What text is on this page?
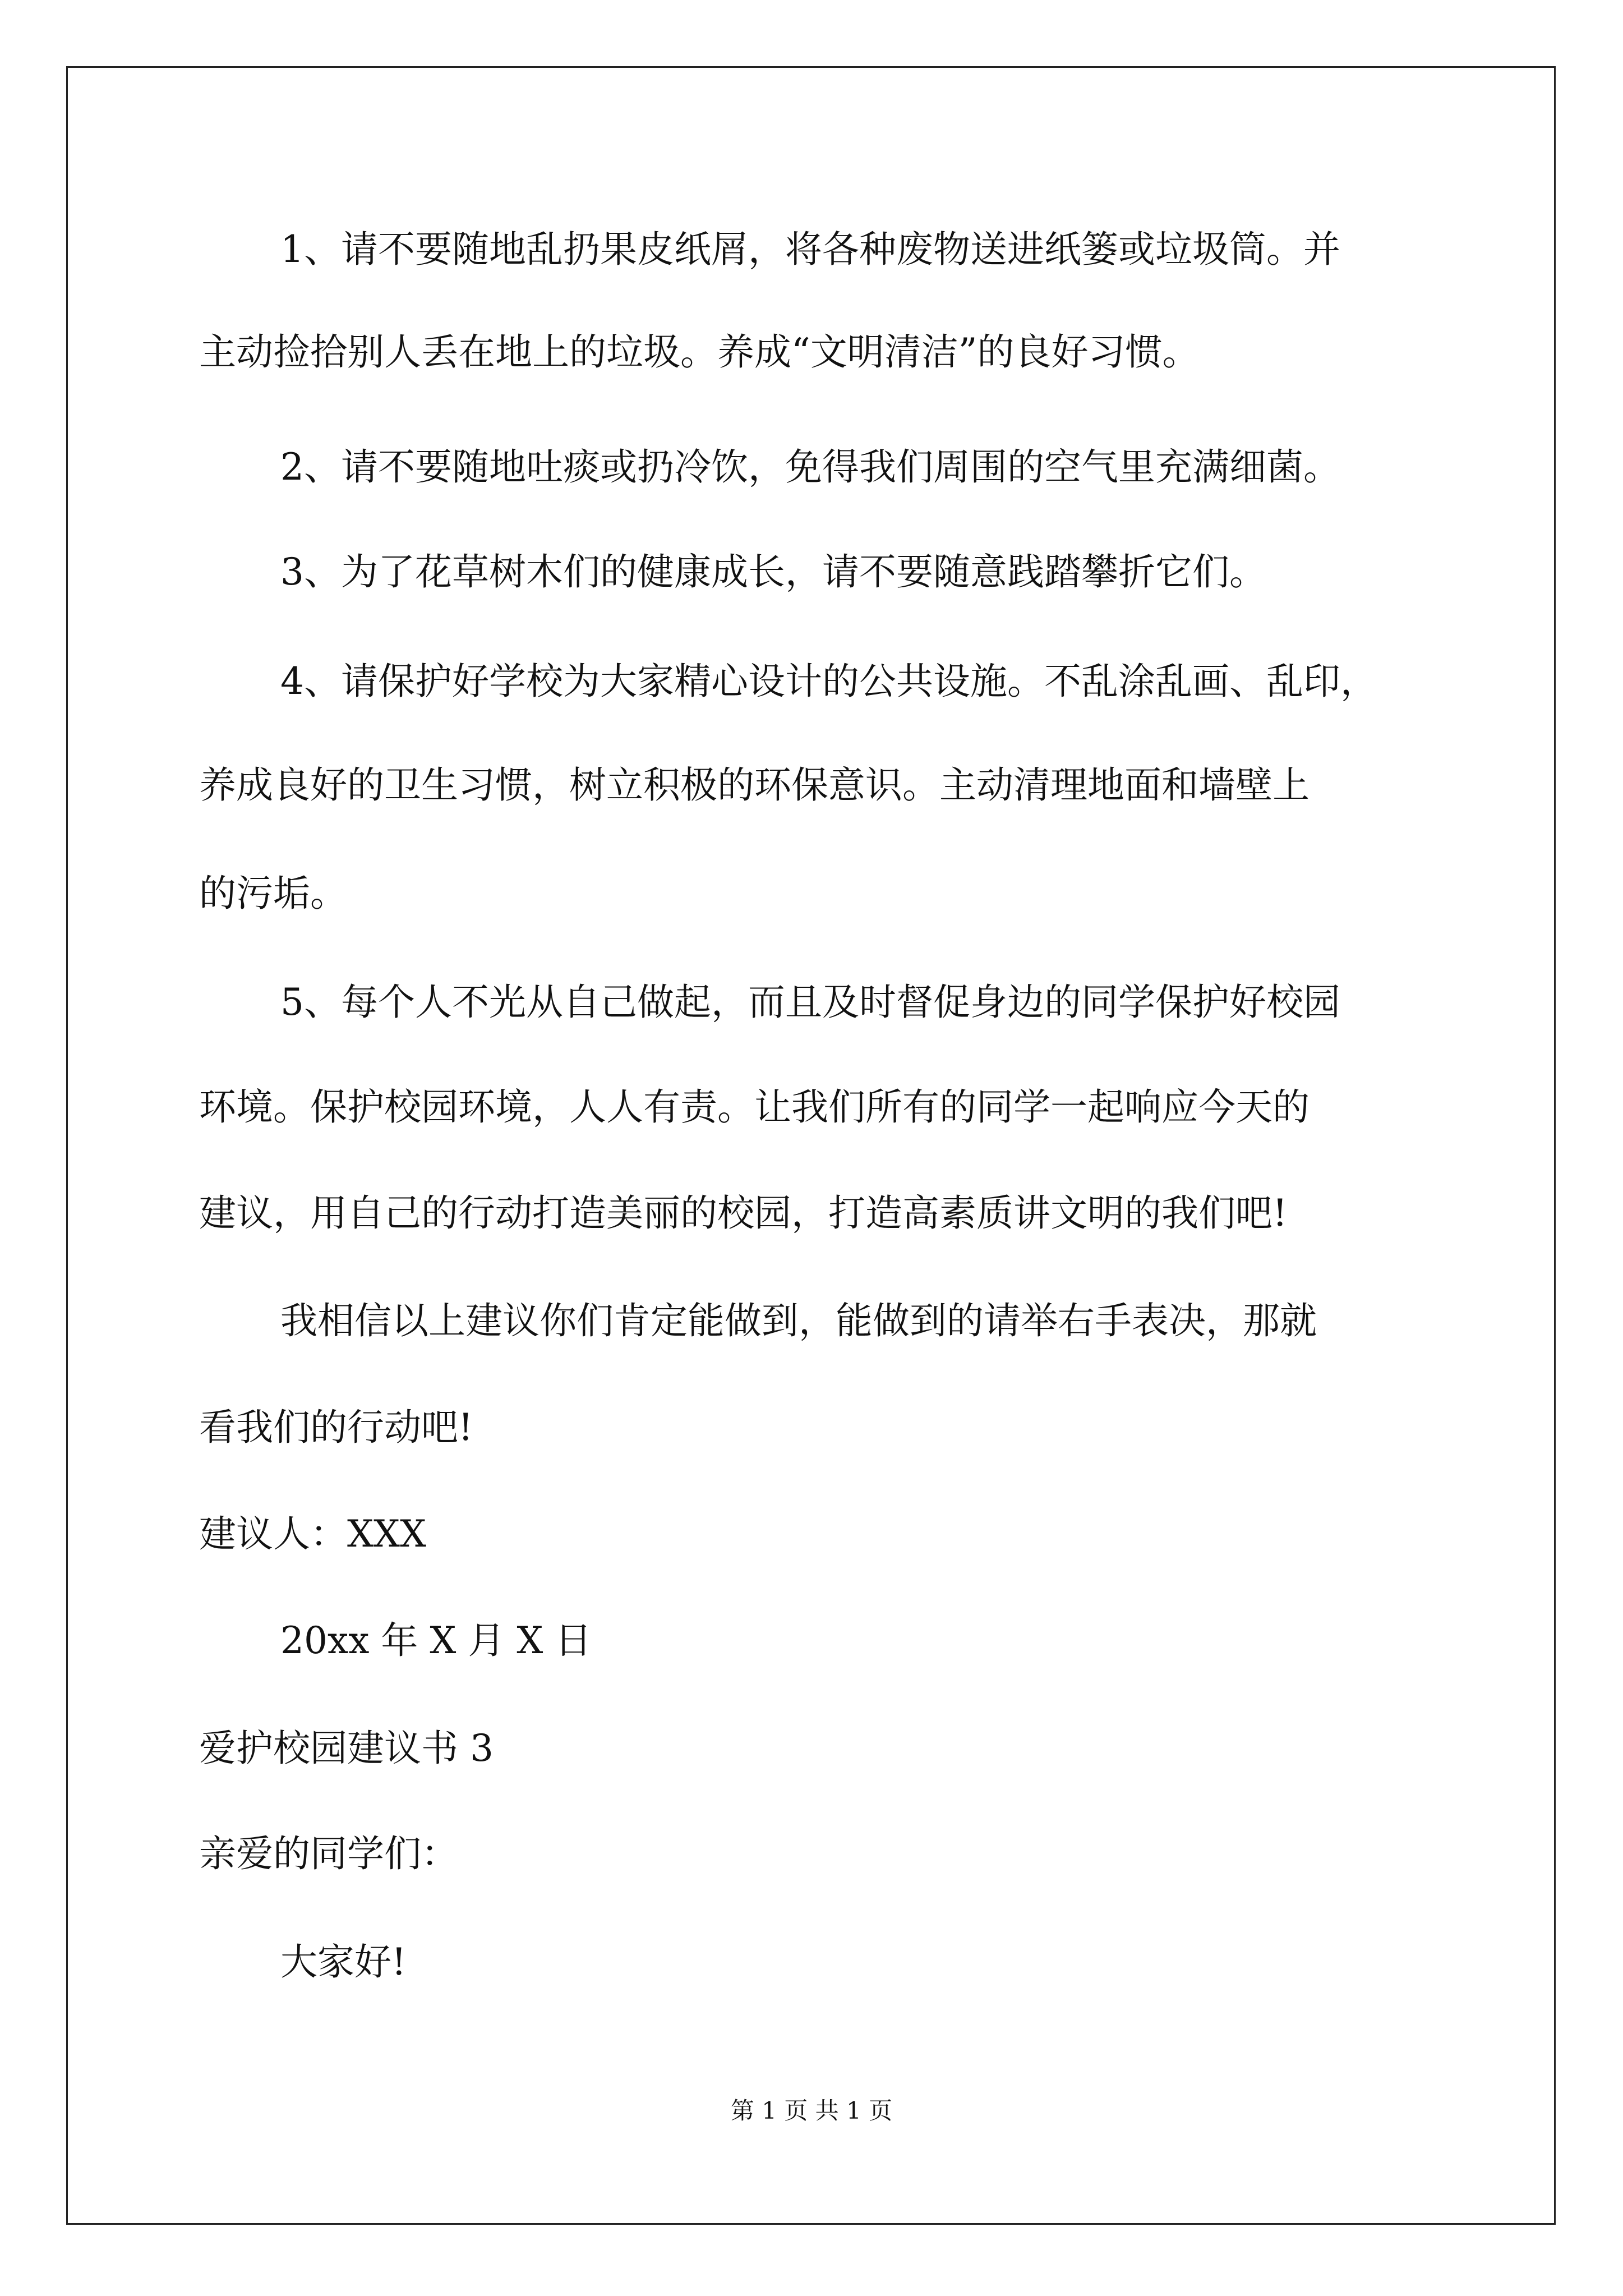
1、请不要随地乱扔果皮纸屑，将各种废物送进纸篓或垃圾筒。并
主动捡拾别人丢在地上的垃圾。养成“文明清洁”的良好习惯。
2、请不要随地吐痰或扔冷饮，免得我们周围的空气里充满细菌。
3、为了花草树木们的健康成长，请不要随意践踏攀折它们。
4、请保护好学校为大家精心设计的公共设施。不乱涂乱画、乱印，
养成良好的卫生习惯，树立积极的环保意识。主动清理地面和墙壁上
的污垢。
5、每个人不光从自己做起，而且及时督促身边的同学保护好校园
环境。保护校园环境，人人有责。让我们所有的同学一起响应今天的
建议，用自己的行动打造美丽的校园，打造高素质讲文明的我们吧!
我相信以上建议你们肯定能做到，能做到的请举右手表决，那就
看我们的行动吧!
建议人：XXX
20xx 年 X 月 X 日
爱护校园建议书 3
亲爱的同学们：
大家好!
第 1 页 共 1 页
